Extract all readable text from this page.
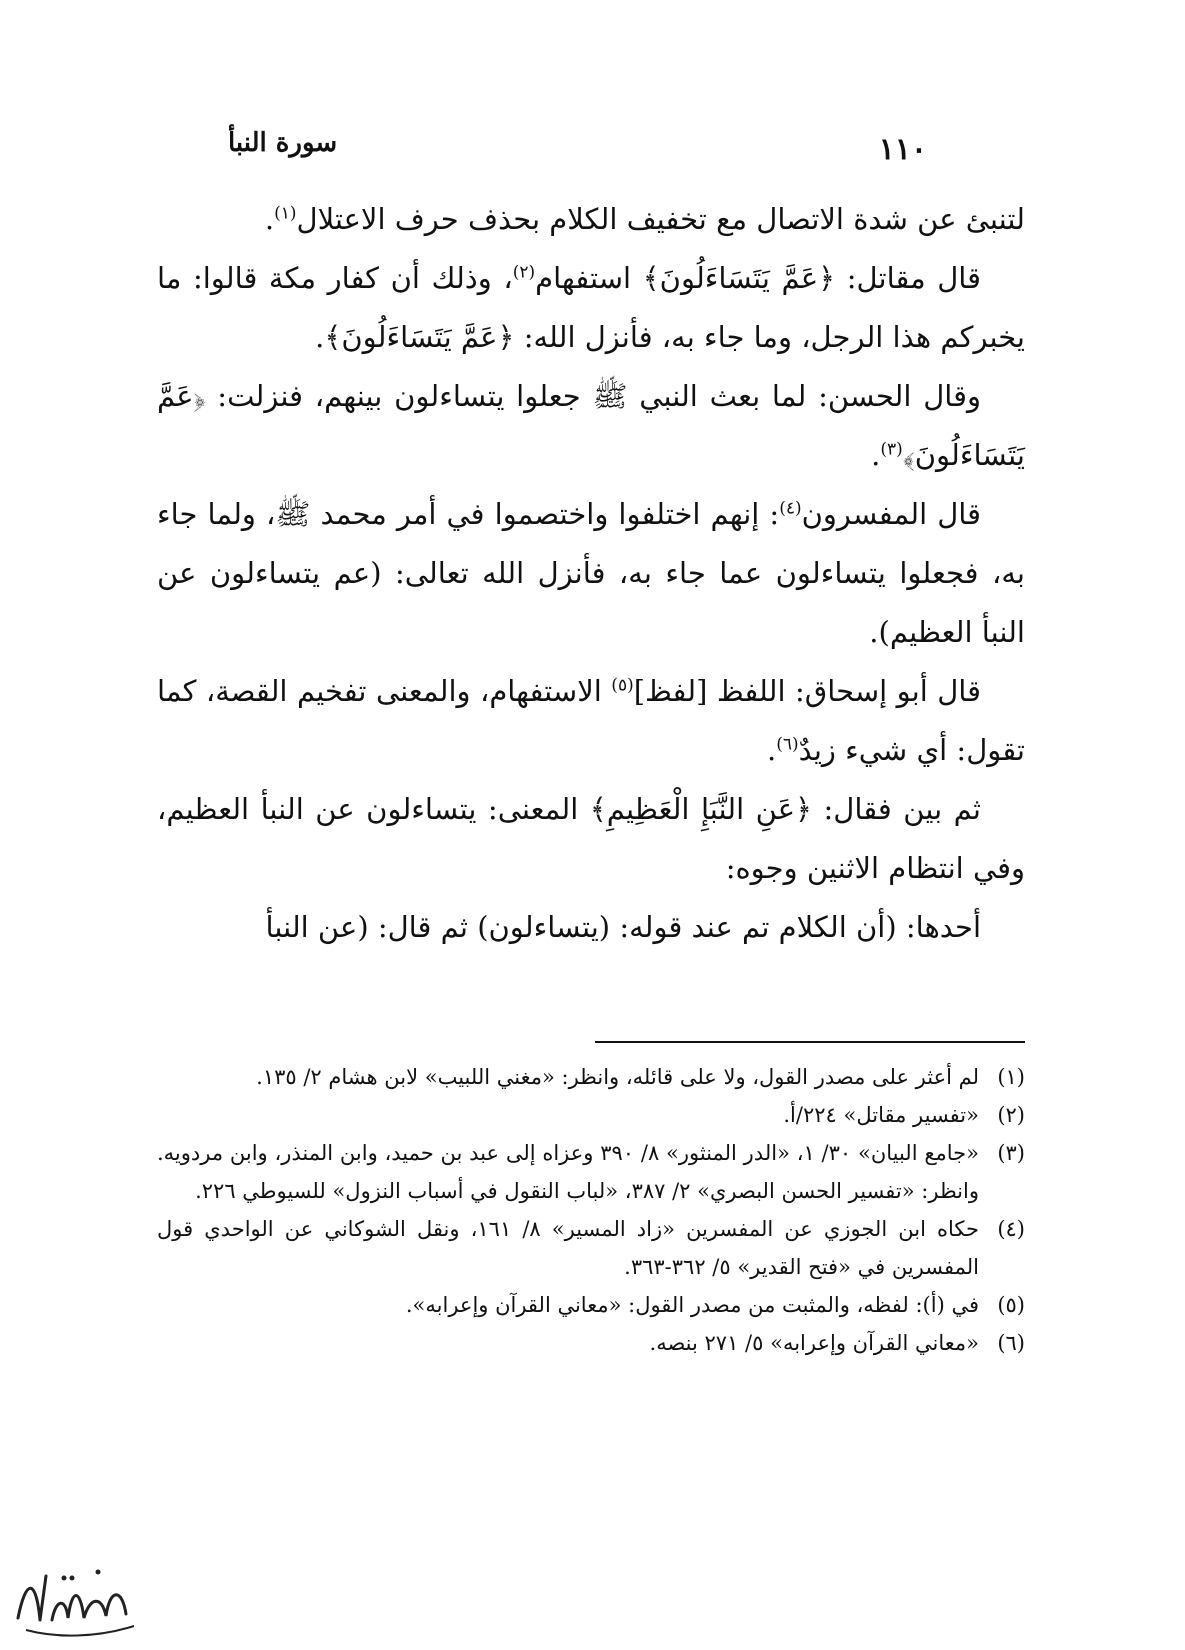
١١٠
سورة النبأ

لتنبئ عن شدة الاتصال مع تخفيف الكلام بحذف حرف الاعتلال$^{(١)}$.

قال مقاتل: ﴿عَمَّ يَتَسَاءَلُونَ﴾ استفهام$^{(٢)}$، وذلك أن كفار مكة قالوا: ما يخبركم هذا الرجل، وما جاء به، فأنزل الله: ﴿عَمَّ يَتَسَاءَلُونَ﴾.

وقال الحسن: لما بعث النبي ﷺ جعلوا يتساءلون بينهم، فنزلت: ﴿عَمَّ يَتَسَاءَلُونَ﴾$^{(٣)}$.

قال المفسرون$^{(٤)}$: إنهم اختلفوا واختصموا في أمر محمد ﷺ، ولما جاء به، فجعلوا يتساءلون عما جاء به، فأنزل الله تعالى: (عم يتساءلون عن النبأ العظيم).

قال أبو إسحاق: اللفظ [لفظ]$^{(٥)}$ الاستفهام، والمعنى تفخيم القصة، كما تقول: أي شيء زيدٌ$^{(٦)}$.

ثم بين فقال: ﴿عَنِ النَّبَإِ الْعَظِيمِ﴾ المعنى: يتساءلون عن النبأ العظيم، وفي انتظام الاثنين وجوه:

أحدها: (أن الكلام تم عند قوله: (يتساءلون) ثم قال: (عن النبأ

(١)
لم أعثر على مصدر القول، ولا على قائله، وانظر: «مغني اللبيب» لابن هشام ٢/ ١٣٥.
(٢)
«تفسير مقاتل» ٢٢٤/أ.
(٣)
«جامع البيان» ٣٠/ ١، «الدر المنثور» ٨/ ٣٩٠ وعزاه إلى عبد بن حميد، وابن المنذر، وابن مردويه. وانظر: «تفسير الحسن البصري» ٢/ ٣٨٧، «لباب النقول في أسباب النزول» للسيوطي ٢٢٦.
(٤)
حكاه ابن الجوزي عن المفسرين «زاد المسير» ٨/ ١٦١، ونقل الشوكاني عن الواحدي قول المفسرين في «فتح القدير» ٥/ ٣٦٢-٣٦٣.
(٥)
في (أ): لفظه، والمثبت من مصدر القول: «معاني القرآن وإعرابه».
(٦)
«معاني القرآن وإعرابه» ٥/ ٢٧١ بنصه.
